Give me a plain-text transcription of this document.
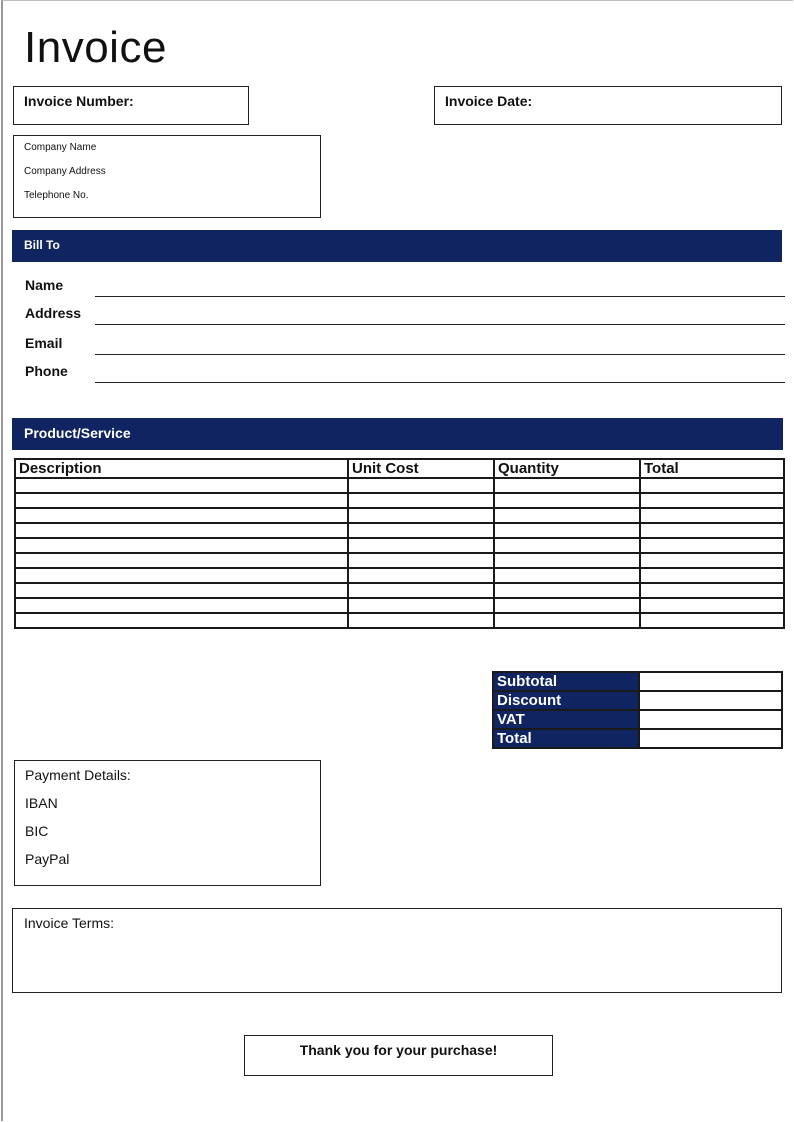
Invoice
Invoice Number:	Invoice Date:
Company Name
Company Address
Telephone No.
Bill To
Name
Address
Email
Phone
Product/Service
Description	Unit Cost	Quantity	Total

Subtotal	
Discount	
VAT	
Total	
Payment Details:
IBAN
BIC
PayPal
Invoice Terms:
Thank you for your purchase!
